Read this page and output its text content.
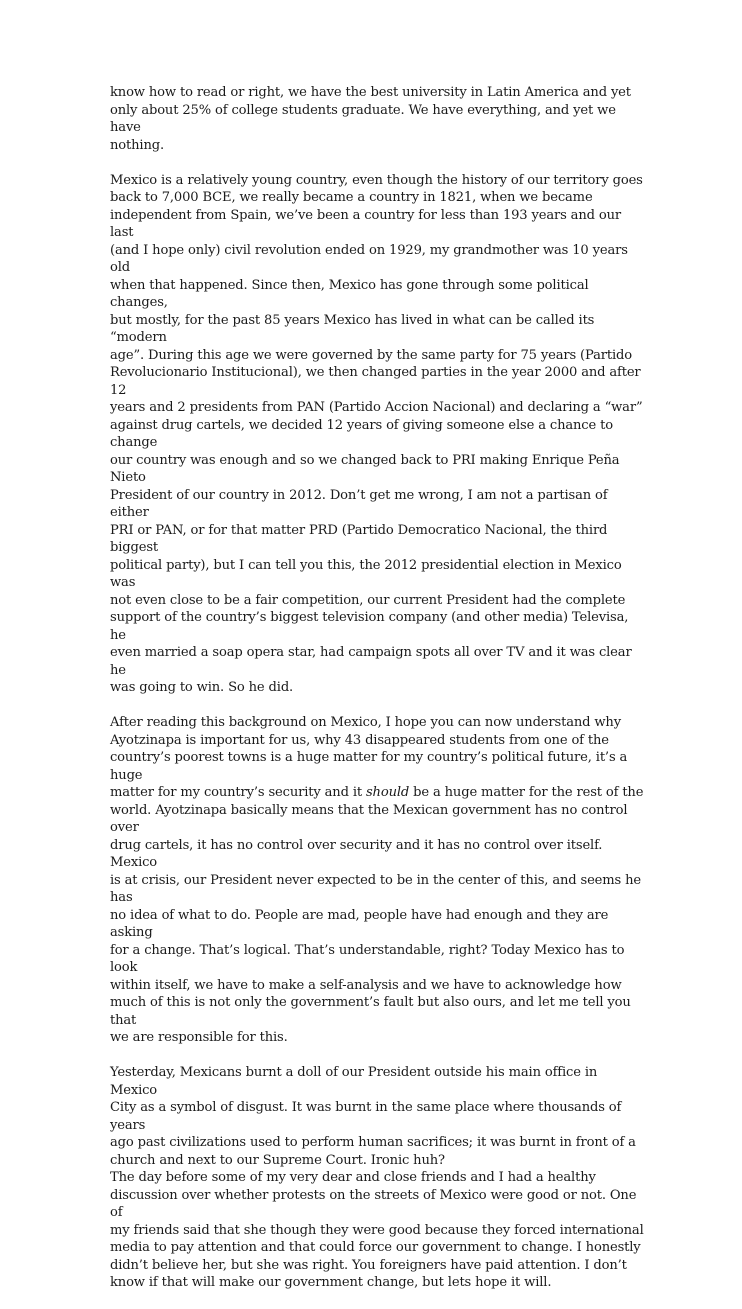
know how to read or right, we have the best university in Latin America and yet
only about 25% of college students graduate. We have everything, and yet we have
nothing.

Mexico is a relatively young country, even though the history of our territory goes
back to 7,000 BCE, we really became a country in 1821, when we became
independent from Spain, we’ve been a country for less than 193 years and our last
(and I hope only) civil revolution ended on 1929, my grandmother was 10 years old
when that happened. Since then, Mexico has gone through some political changes,
but mostly, for the past 85 years Mexico has lived in what can be called its “modern
age”. During this age we were governed by the same party for 75 years (Partido
Revolucionario Institucional), we then changed parties in the year 2000 and after 12
years and 2 presidents from PAN (Partido Accion Nacional) and declaring a “war”
against drug cartels, we decided 12 years of giving someone else a chance to change
our country was enough and so we changed back to PRI making Enrique Peña Nieto
President of our country in 2012. Don’t get me wrong, I am not a partisan of either
PRI or PAN, or for that matter PRD (Partido Democratico Nacional, the third biggest
political party), but I can tell you this, the 2012 presidential election in Mexico was
not even close to be a fair competition, our current President had the complete
support of the country’s biggest television company (and other media) Televisa, he
even married a soap opera star, had campaign spots all over TV and it was clear he
was going to win. So he did.

After reading this background on Mexico, I hope you can now understand why
Ayotzinapa is important for us, why 43 disappeared students from one of the
country’s poorest towns is a huge matter for my country’s political future, it’s a huge
matter for my country’s security and it should be a huge matter for the rest of the
world. Ayotzinapa basically means that the Mexican government has no control over
drug cartels, it has no control over security and it has no control over itself. Mexico
is at crisis, our President never expected to be in the center of this, and seems he has
no idea of what to do. People are mad, people have had enough and they are asking
for a change. That’s logical. That’s understandable, right? Today Mexico has to look
within itself, we have to make a self-analysis and we have to acknowledge how
much of this is not only the government’s fault but also ours, and let me tell you that
we are responsible for this.

Yesterday, Mexicans burnt a doll of our President outside his main office in Mexico
City as a symbol of disgust. It was burnt in the same place where thousands of years
ago past civilizations used to perform human sacrifices; it was burnt in front of a
church and next to our Supreme Court. Ironic huh?

The day before some of my very dear and close friends and I had a healthy
discussion over whether protests on the streets of Mexico were good or not. One of
my friends said that she though they were good because they forced international
media to pay attention and that could force our government to change. I honestly
didn’t believe her, but she was right. You foreigners have paid attention. I don’t
know if that will make our government change, but lets hope it will.
